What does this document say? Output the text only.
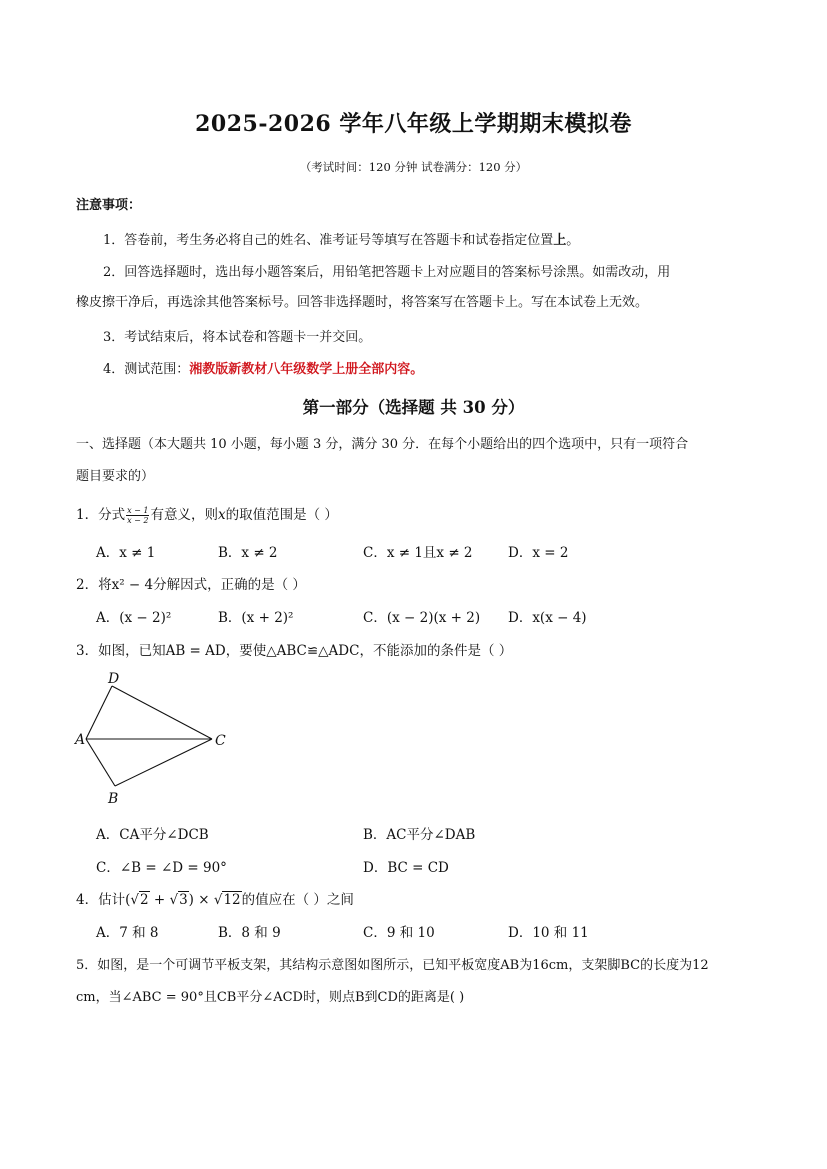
2025-2026 学年八年级上学期期末模拟卷
（考试时间：120 分钟 试卷满分：120 分）
注意事项：
1．答卷前，考生务必将自己的姓名、准考证号等填写在答题卡和试卷指定位置上。
2．回答选择题时，选出每小题答案后，用铅笔把答题卡上对应题目的答案标号涂黑。如需改动，用
橡皮擦干净后，再选涂其他答案标号。回答非选择题时，将答案写在答题卡上。写在本试卷上无效。
3．考试结束后，将本试卷和答题卡一并交回。
4．测试范围：湘教版新教材八年级数学上册全部内容。
第一部分（选择题 共 30 分）
一、选择题（本大题共 10 小题，每小题 3 分，满分 30 分．在每个小题给出的四个选项中，只有一项符合
题目要求的）
1．分式 $\frac{x - 1}{x - 2}$ 有意义，则x的取值范围是（ ）
A．x ≠ 1	B．x ≠ 2	C．x ≠ 1且x ≠ 2	D．x = 2
2．将x² − 4分解因式，正确的是（ ）
A．(x − 2)²	B．(x + 2)²	C．(x − 2)(x + 2) D．x(x − 4)
3．如图，已知AB = AD，要使△ABC≌△ADC，不能添加的条件是（ ）
D
A	C
B
A．CA平分∠DCB	B．AC平分∠DAB
C．∠B = ∠D = 90°	D．BC = CD
4．估计(√2 + √3) × √12的值应在（ ）之间
A．7 和 8	B．8 和 9	C．9 和 10	D．10 和 11
5．如图，是一个可调节平板支架，其结构示意图如图所示，已知平板宽度AB为16cm，支架脚BC的长度为12
cm，当∠ABC = 90°且CB平分∠ACD时，则点B到CD的距离是( )
